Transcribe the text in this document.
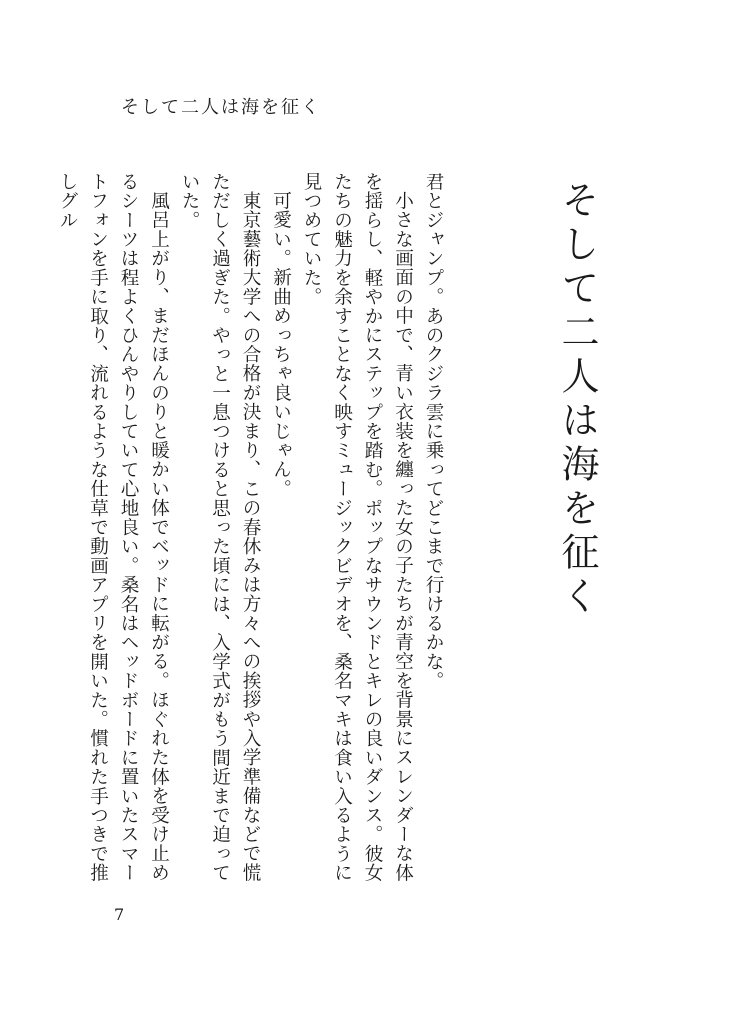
そして二人は海を征く
そして二人は海を征く

君とジャンプ。あのクジラ雲に乗ってどこまで行けるかな。

小さな画面の中で、青い衣装を纏った女の子たちが青空を背景にスレンダーな体を揺らし、軽やかにステップを踏む。ポップなサウンドとキレの良いダンス。彼女たちの魅力を余すことなく映すミュージックビデオを、桑名マキは食い入るように見つめていた。

可愛い。新曲めっちゃ良いじゃん。

東京藝術大学への合格が決まり、この春休みは方々への挨拶や入学準備などで慌ただしく過ぎた。やっと一息つけると思った頃には、入学式がもう間近まで迫っていた。

風呂上がり、まだほんのりと暖かい体でベッドに転がる。ほぐれた体を受け止めるシーツは程よくひんやりしていて心地良い。桑名はヘッドボードに置いたスマートフォンを手に取り、流れるような仕草で動画アプリを開いた。慣れた手つきで推しグル

7
